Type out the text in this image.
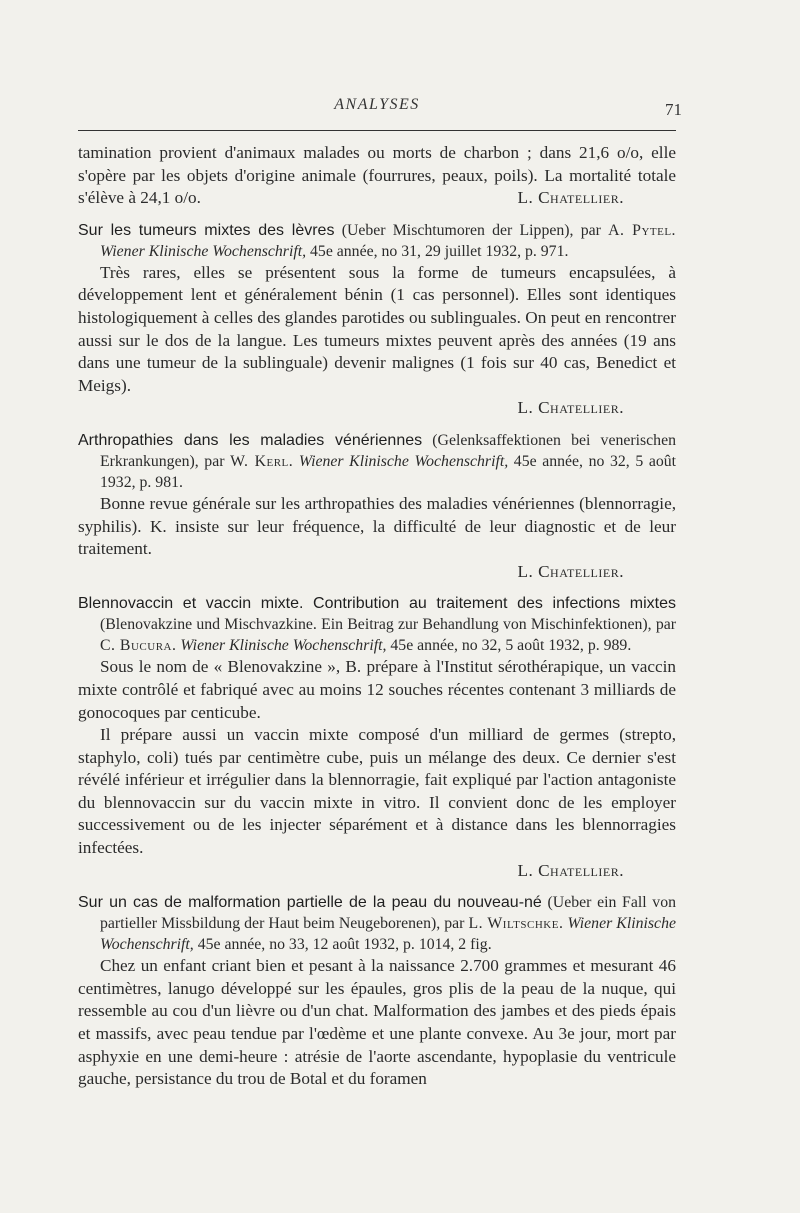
ANALYSES	71

tamination provient d'animaux malades ou morts de charbon ; dans 21,6 o/o, elle s'opère par les objets d'origine animale (fourrures, peaux, poils). La mortalité totale s'élève à 24,1 o/o.	L. Chatellier.

Sur les tumeurs mixtes des lèvres (Ueber Mischtumoren der Lippen), par A. Pytel. Wiener Klinische Wochenschrift, 45e année, no 31, 29 juillet 1932, p. 971.

Très rares, elles se présentent sous la forme de tumeurs encapsulées, à développement lent et généralement bénin (1 cas personnel). Elles sont identiques histologiquement à celles des glandes parotides ou sublinguales. On peut en rencontrer aussi sur le dos de la langue. Les tumeurs mixtes peuvent après des années (19 ans dans une tumeur de la sublinguale) devenir malignes (1 fois sur 40 cas, Benedict et Meigs).

L. Chatellier.

Arthropathies dans les maladies vénériennes (Gelenksaffektionen bei venerischen Erkrankungen), par W. Kerl. Wiener Klinische Wochenschrift, 45e année, no 32, 5 août 1932, p. 981.

Bonne revue générale sur les arthropathies des maladies vénériennes (blennorragie, syphilis). K. insiste sur leur fréquence, la difficulté de leur diagnostic et de leur traitement.

L. Chatellier.

Blennovaccin et vaccin mixte. Contribution au traitement des infections mixtes (Blenovakzine und Mischvazkine. Ein Beitrag zur Behandlung von Mischinfektionen), par C. Bucura. Wiener Klinische Wochenschrift, 45e année, no 32, 5 août 1932, p. 989.

Sous le nom de « Blenovakzine », B. prépare à l'Institut sérothérapique, un vaccin mixte contrôlé et fabriqué avec au moins 12 souches récentes contenant 3 milliards de gonocoques par centicube.

Il prépare aussi un vaccin mixte composé d'un milliard de germes (strepto, staphylo, coli) tués par centimètre cube, puis un mélange des deux. Ce dernier s'est révélé inférieur et irrégulier dans la blennorragie, fait expliqué par l'action antagoniste du blennovaccin sur du vaccin mixte in vitro. Il convient donc de les employer successivement ou de les injecter séparément et à distance dans les blennorragies infectées.

L. Chatellier.

Sur un cas de malformation partielle de la peau du nouveau-né (Ueber ein Fall von partieller Missbildung der Haut beim Neugeborenen), par L. Wiltschke. Wiener Klinische Wochenschrift, 45e année, no 33, 12 août 1932, p. 1014, 2 fig.

Chez un enfant criant bien et pesant à la naissance 2.700 grammes et mesurant 46 centimètres, lanugo développé sur les épaules, gros plis de la peau de la nuque, qui ressemble au cou d'un lièvre ou d'un chat. Malformation des jambes et des pieds épais et massifs, avec peau tendue par l'œdème et une plante convexe. Au 3e jour, mort par asphyxie en une demi-heure : atrésie de l'aorte ascendante, hypoplasie du ventricule gauche, persistance du trou de Botal et du foramen
